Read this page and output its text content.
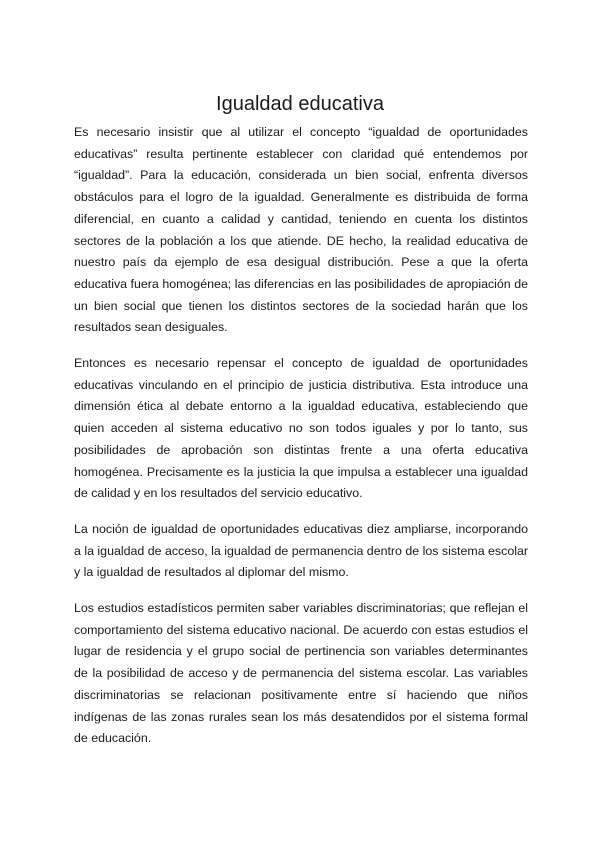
Igualdad educativa

Es necesario insistir que al utilizar el concepto “igualdad de oportunidades educativas” resulta pertinente establecer con claridad qué entendemos por “igualdad”. Para la educación, considerada un bien social, enfrenta diversos obstáculos para el logro de la igualdad. Generalmente es distribuida de forma diferencial, en cuanto a calidad y cantidad, teniendo en cuenta los distintos sectores de la población a los que atiende. DE hecho, la realidad educativa de nuestro país da ejemplo de esa desigual distribución. Pese a que la oferta educativa fuera homogénea; las diferencias en las posibilidades de apropiación de un bien social que tienen los distintos sectores de la sociedad harán que los resultados sean desiguales.

Entonces es necesario repensar el concepto de igualdad de oportunidades educativas vinculando en el principio de justicia distributiva. Esta introduce una dimensión ética al debate entorno a la igualdad educativa, estableciendo que quien acceden al sistema educativo no son todos iguales y por lo tanto, sus posibilidades de aprobación son distintas frente a una oferta educativa homogénea. Precisamente es la justicia la que impulsa a establecer una igualdad de calidad y en los resultados del servicio educativo.

La noción de igualdad de oportunidades educativas diez ampliarse, incorporando a la igualdad de acceso, la igualdad de permanencia dentro de los sistema escolar y la igualdad de resultados al diplomar del mismo.

Los estudios estadísticos permiten saber variables discriminatorias; que reflejan el comportamiento del sistema educativo nacional. De acuerdo con estas estudios el lugar de residencia y el grupo social de pertinencia son variables determinantes de la posibilidad de acceso y de permanencia del sistema escolar. Las variables discriminatorias se relacionan positivamente entre sí haciendo que niños indígenas de las zonas rurales sean los más desatendidos por el sistema formal de educación.
